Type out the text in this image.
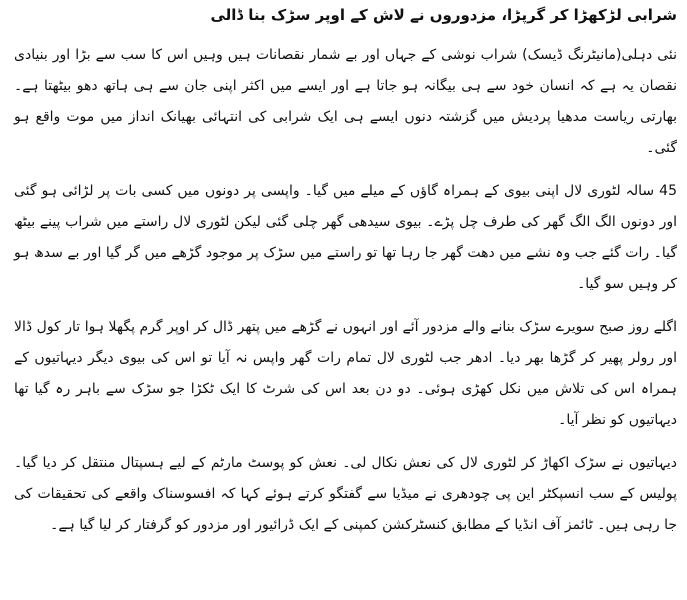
شرابی لڑکھڑا کر گرپڑا، مزدوروں نے لاش کے اوپر سڑک بنا ڈالی

نئی دہلی(مانیٹرنگ ڈیسک) شراب نوشی کے جہاں اور بے شمار نقصانات ہیں وہیں اس کا سب سے بڑا اور بنیادی نقصان یہ ہے کہ انسان خود سے ہی بیگانہ ہو جاتا ہے اور ایسے میں اکثر اپنی جان سے ہی ہاتھ دھو بیٹھتا ہے۔ بھارتی ریاست مدھیا پردیش میں گزشتہ دنوں ایسے ہی ایک شرابی کی انتہائی بھیانک انداز میں موت واقع ہو گئی۔

45 سالہ لٹوری لال اپنی بیوی کے ہمراہ گاؤں کے میلے میں گیا۔ واپسی پر دونوں میں کسی بات پر لڑائی ہو گئی اور دونوں الگ الگ گھر کی طرف چل پڑے۔ بیوی سیدھی گھر چلی گئی لیکن لٹوری لال راستے میں شراب پینے بیٹھ گیا۔ رات گئے جب وہ نشے میں دھت گھر جا رہا تھا تو راستے میں سڑک پر موجود گڑھے میں گر گیا اور بے سدھ ہو کر وہیں سو گیا۔

اگلے روز صبح سویرے سڑک بنانے والے مزدور آئے اور انہوں نے گڑھے میں پتھر ڈال کر اوپر گرم پگھلا ہوا تار کول ڈالا اور رولر پھیر کر گڑھا بھر دیا۔ ادھر جب لٹوری لال تمام رات گھر واپس نہ آیا تو اس کی بیوی دیگر دیہاتیوں کے ہمراہ اس کی تلاش میں نکل کھڑی ہوئی۔ دو دن بعد اس کی شرٹ کا ایک ٹکڑا جو سڑک سے باہر رہ گیا تھا دیہاتیوں کو نظر آیا۔

دیہاتیوں نے سڑک اکھاڑ کر لٹوری لال کی نعش نکال لی۔ نعش کو پوسٹ مارٹم کے لیے ہسپتال منتقل کر دیا گیا۔ پولیس کے سب انسپکٹر این پی چودھری نے میڈیا سے گفتگو کرتے ہوئے کہا کہ افسوسناک واقعے کی تحقیقات کی جا رہی ہیں۔ ٹائمز آف انڈیا کے مطابق کنسٹرکشن کمپنی کے ایک ڈرائیور اور مزدور کو گرفتار کر لیا گیا ہے۔
